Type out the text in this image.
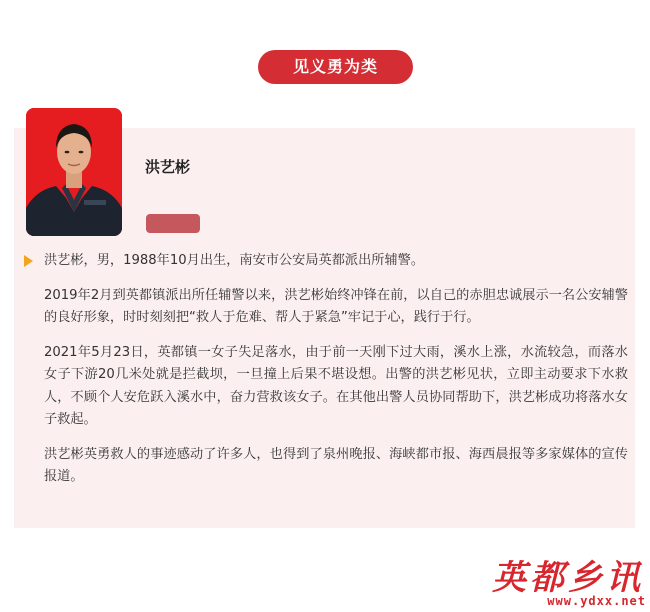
见义勇为类
洪艺彬

洪艺彬，男，1988年10月出生，南安市公安局英都派出所辅警。

2019年2月到英都镇派出所任辅警以来，洪艺彬始终冲锋在前，以自己的赤胆忠诚展示一名公安辅警的良好形象，时时刻刻把“救人于危难、帮人于紧急”牢记于心，践行于行。

2021年5月23日，英都镇一女子失足落水，由于前一天刚下过大雨，溪水上涨，水流较急，而落水女子下游20几米处就是拦截坝，一旦撞上后果不堪设想。出警的洪艺彬见状，立即主动要求下水救人，不顾个人安危跃入溪水中，奋力营救该女子。在其他出警人员协同帮助下，洪艺彬成功将落水女子救起。

洪艺彬英勇救人的事迹感动了许多人，也得到了泉州晚报、海峡都市报、海西晨报等多家媒体的宣传报道。

英都乡讯
www.ydxx.net
